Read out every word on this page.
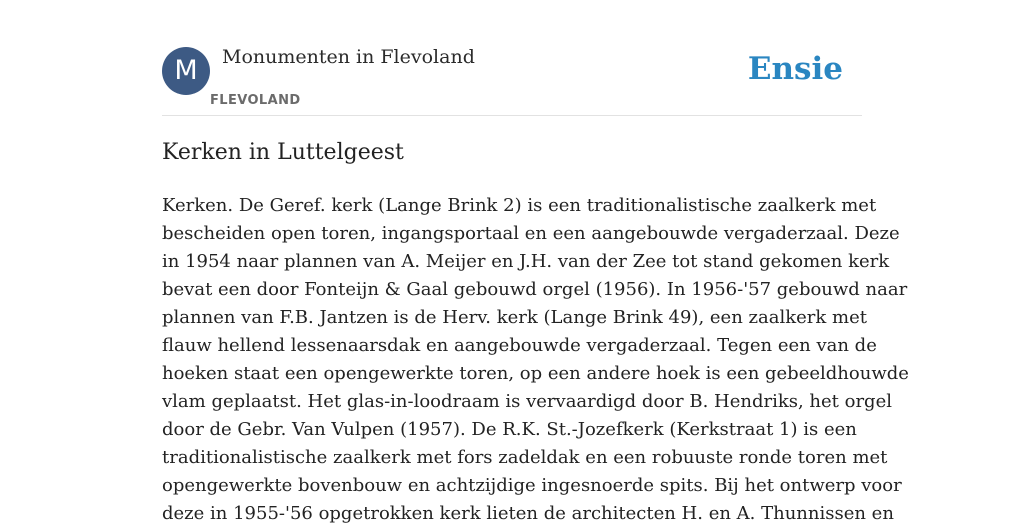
M	Monumenten in Flevoland
FLEVOLAND
Ensie
Kerken in Luttelgeest
Kerken. De Geref. kerk (Lange Brink 2) is een traditionalistische zaalkerk met
bescheiden open toren, ingangsportaal en een aangebouwde vergaderzaal. Deze
in 1954 naar plannen van A. Meijer en J.H. van der Zee tot stand gekomen kerk
bevat een door Fonteijn & Gaal gebouwd orgel (1956). In 1956-'57 gebouwd naar
plannen van F.B. Jantzen is de Herv. kerk (Lange Brink 49), een zaalkerk met
flauw hellend lessenaarsdak en aangebouwde vergaderzaal. Tegen een van de
hoeken staat een opengewerkte toren, op een andere hoek is een gebeeldhouwde
vlam geplaatst. Het glas-in-loodraam is vervaardigd door B. Hendriks, het orgel
door de Gebr. Van Vulpen (1957). De R.K. St.-Jozefkerk (Kerkstraat 1) is een
traditionalistische zaalkerk met fors zadeldak en een robuuste ronde toren met
opengewerkte bovenbouw en achtzijdige ingesnoerde spits. Bij het ontwerp voor
deze in 1955-'56 opgetrokken kerk lieten de architecten H. en A. Thunnissen en
